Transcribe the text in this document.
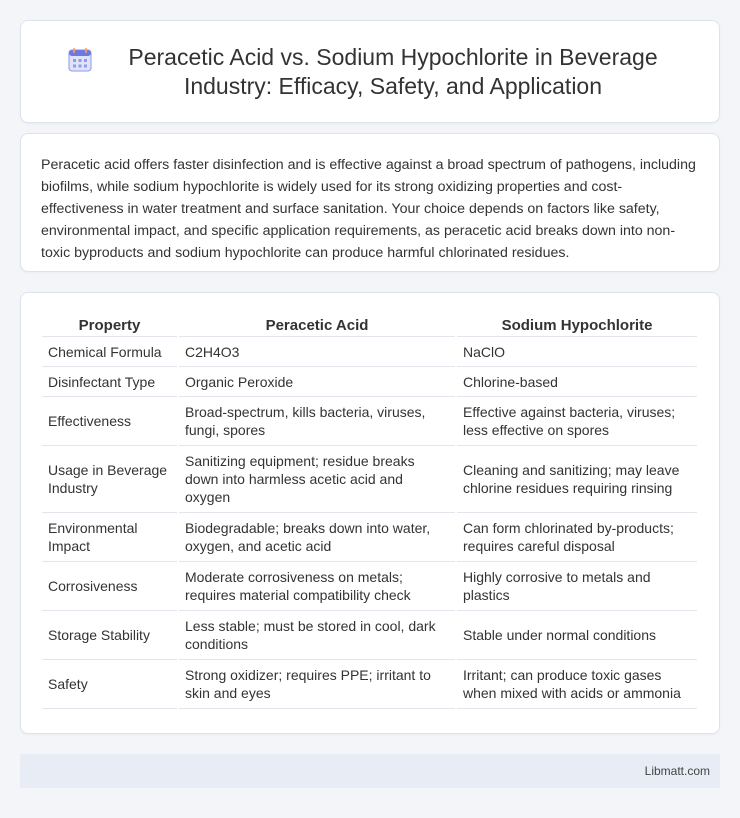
Peracetic Acid vs. Sodium Hypochlorite in Beverage Industry: Efficacy, Safety, and Application

Peracetic acid offers faster disinfection and is effective against a broad spectrum of pathogens, including biofilms, while sodium hypochlorite is widely used for its strong oxidizing properties and cost-effectiveness in water treatment and surface sanitation. Your choice depends on factors like safety, environmental impact, and specific application requirements, as peracetic acid breaks down into non-toxic byproducts and sodium hypochlorite can produce harmful chlorinated residues.

Property	Peracetic Acid	Sodium Hypochlorite
Chemical Formula	C2H4O3	NaClO
Disinfectant Type	Organic Peroxide	Chlorine-based
Effectiveness	Broad-spectrum, kills bacteria, viruses, fungi, spores	Effective against bacteria, viruses; less effective on spores
Usage in Beverage Industry	Sanitizing equipment; residue breaks down into harmless acetic acid and oxygen	Cleaning and sanitizing; may leave chlorine residues requiring rinsing
Environmental Impact	Biodegradable; breaks down into water, oxygen, and acetic acid	Can form chlorinated by-products; requires careful disposal
Corrosiveness	Moderate corrosiveness on metals; requires material compatibility check	Highly corrosive to metals and plastics
Storage Stability	Less stable; must be stored in cool, dark conditions	Stable under normal conditions
Safety	Strong oxidizer; requires PPE; irritant to skin and eyes	Irritant; can produce toxic gases when mixed with acids or ammonia
Libmatt.com
